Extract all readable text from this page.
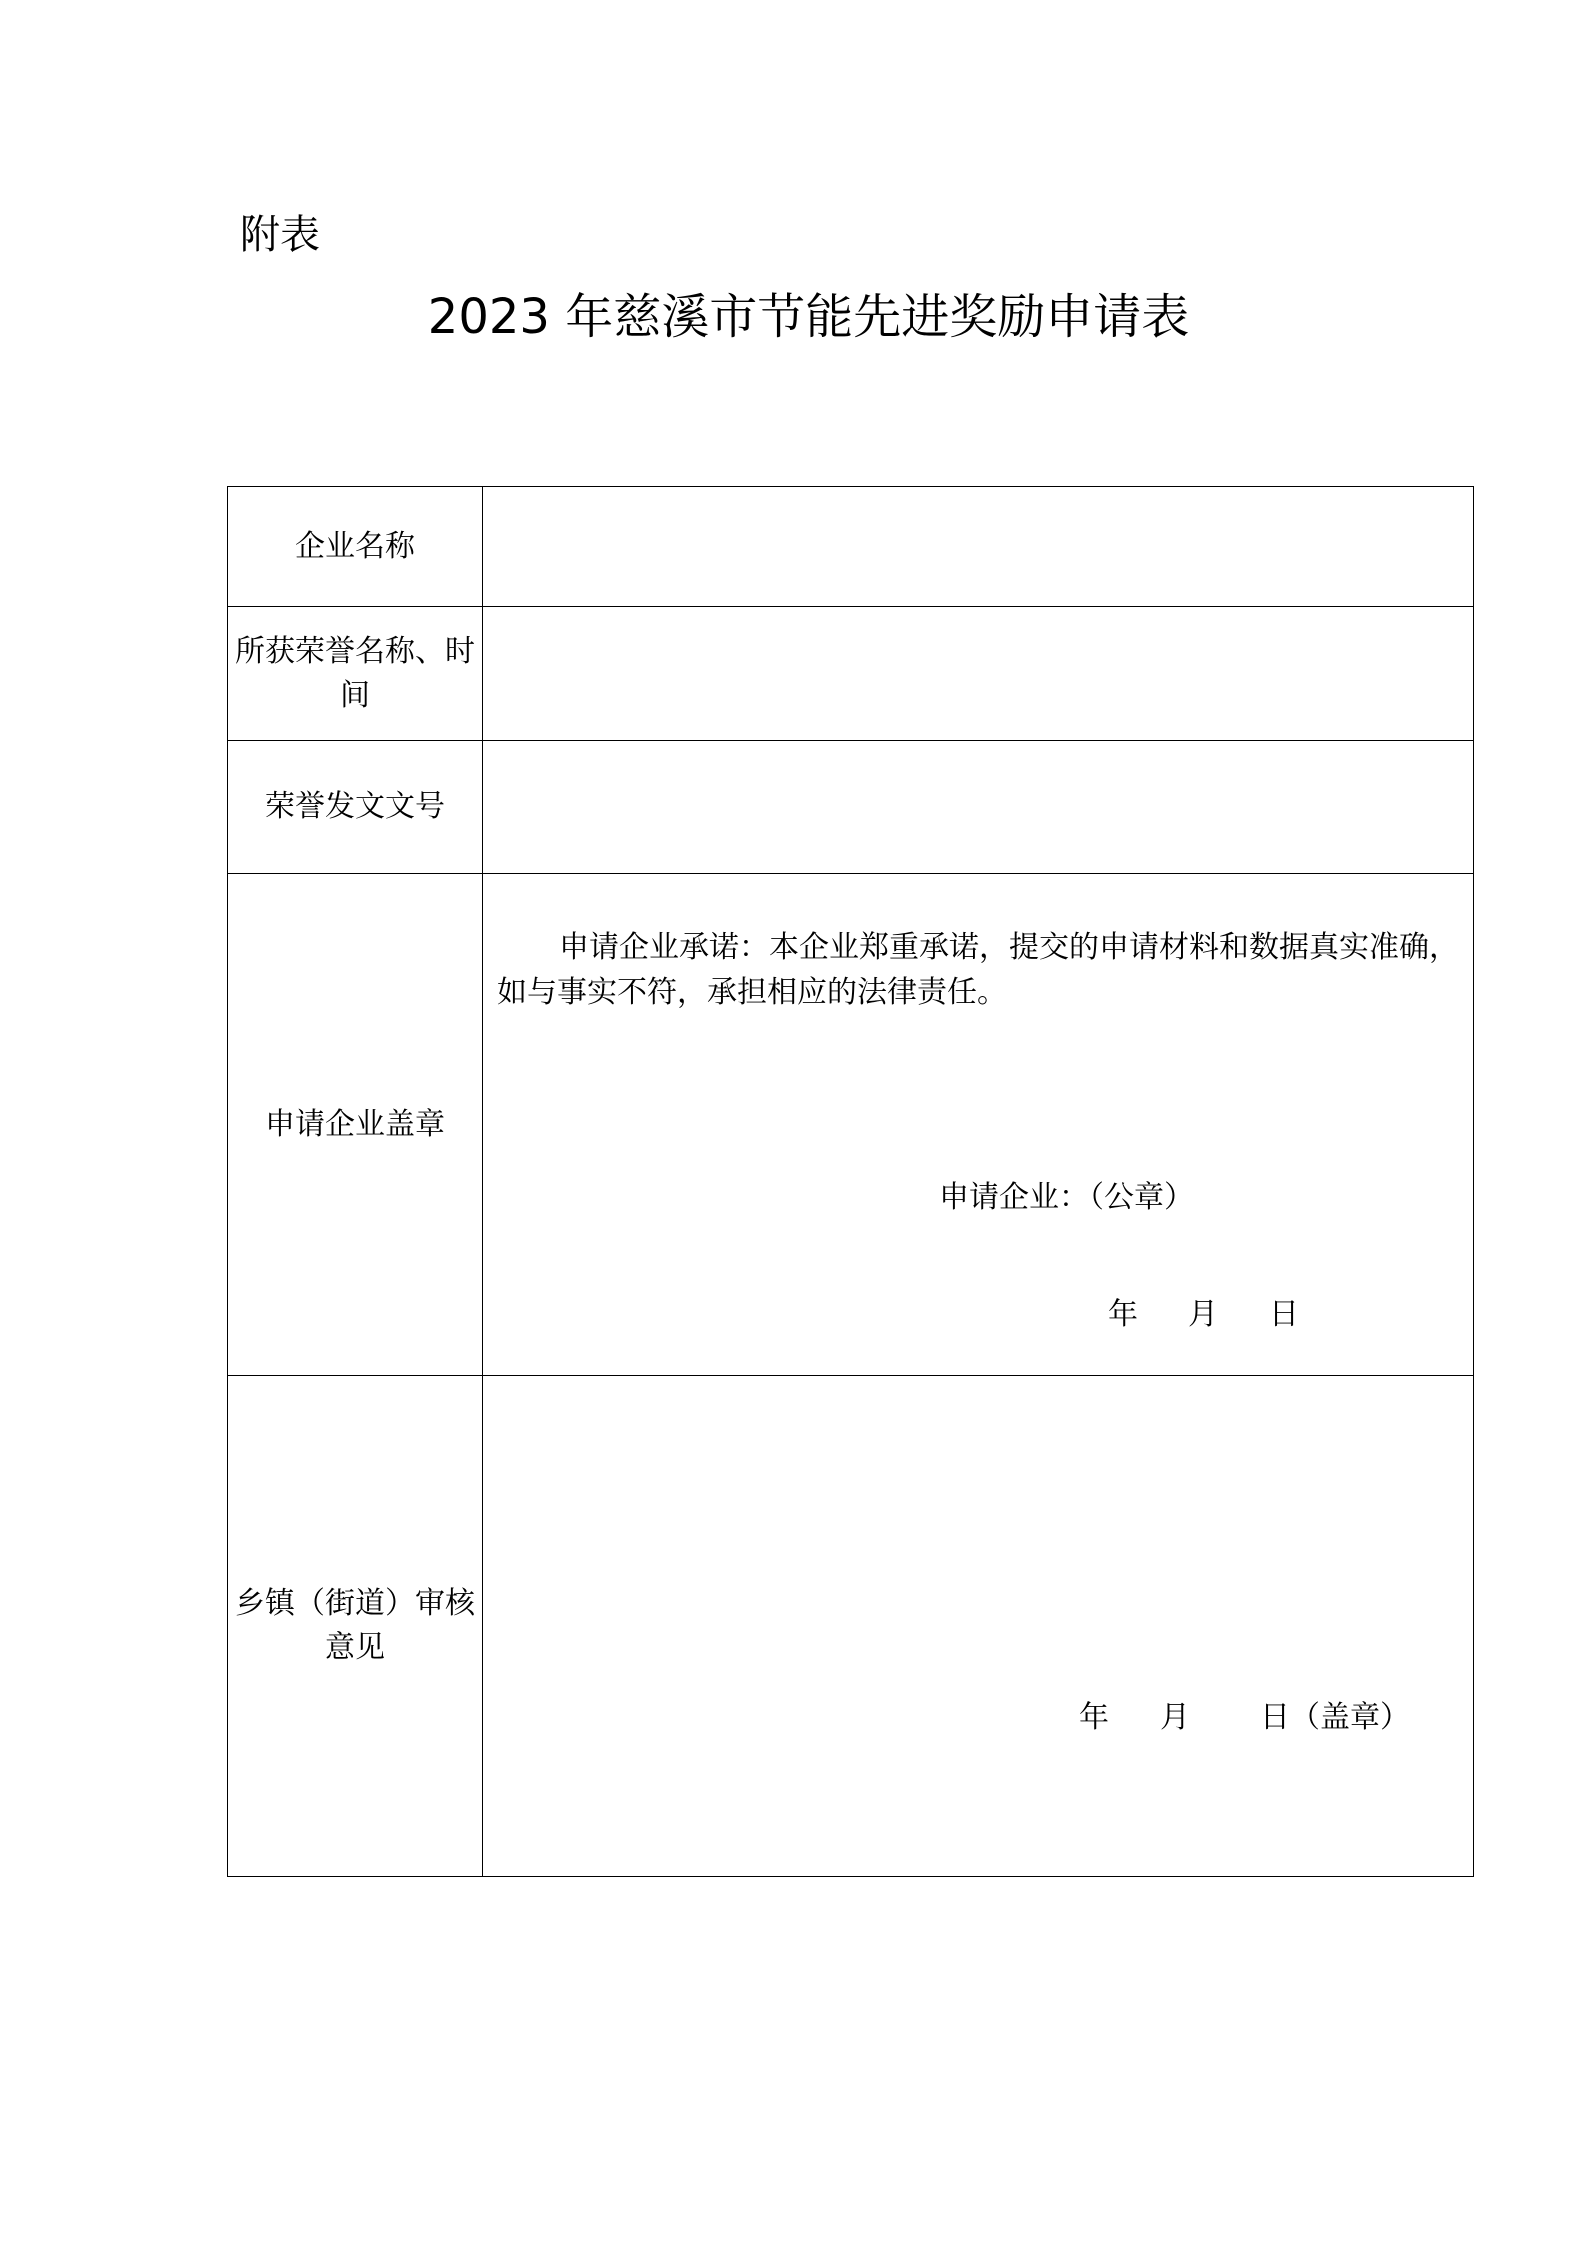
附表
2023 年慈溪市节能先进奖励申请表
企业名称	
所获荣誉名称、时间	
荣誉发文文号	
申请企业盖章	申请企业承诺：本企业郑重承诺，提交的申请材料和数据真实准确，如与事实不符，承担相应的法律责任。
申请企业：（公章）
年 月 日

乡镇（街道）审核意见	年 月 日（盖章）
